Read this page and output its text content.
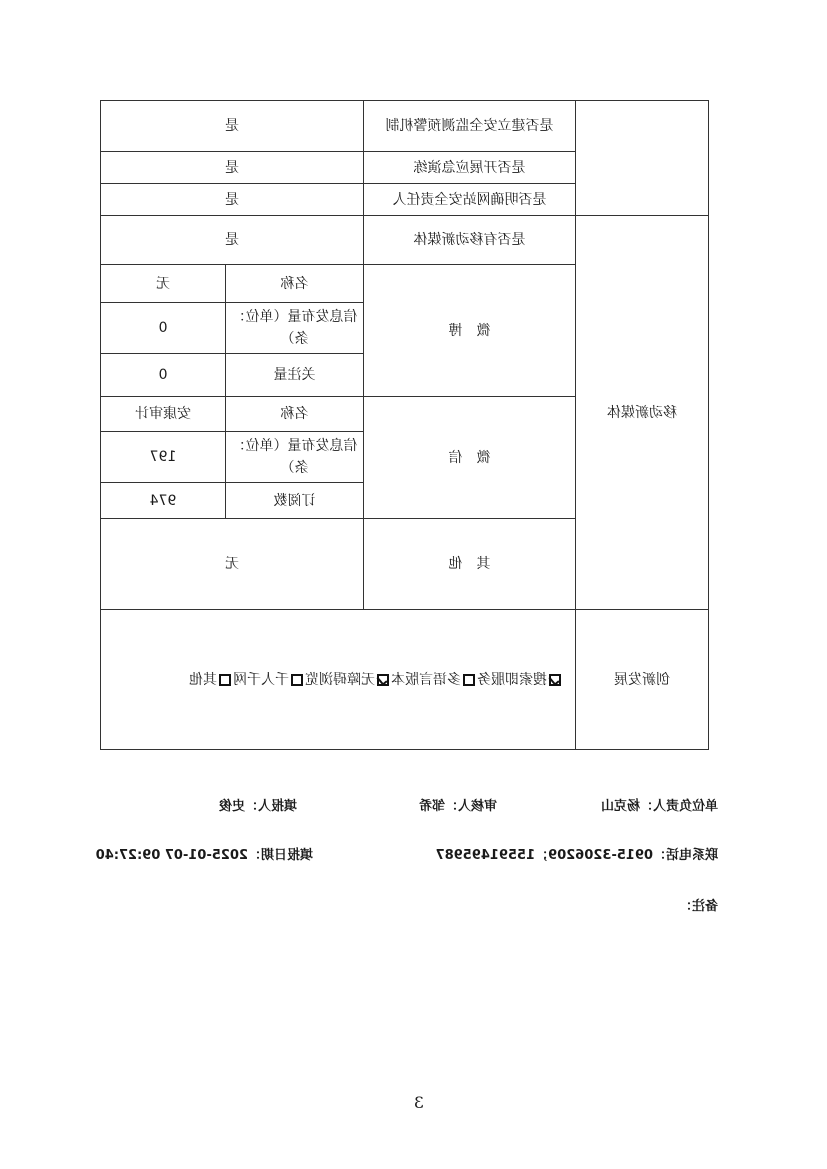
	是否建立安全监测预警机制	是	
	是否开展应急演练	是	
	是否明确网站安全责任人	是	
移动新媒体	是否有移动新媒体	是	
	微　博	名称	无
		信息发布量（单位：条）	0
		关注量	0
	微　信	名称	安康审计
		信息发布量（单位：条）	197
		订阅数	974
	其　他	无	
创新发展	搜索即服务多语言版本无障碍浏览千人千网其他		
单位负责人：杨克山
审核人：邹希
填报人：史俊
联系电话：0915-3206209；15591495987
填报日期：2025-01-07 09:27:40
备注：
3
